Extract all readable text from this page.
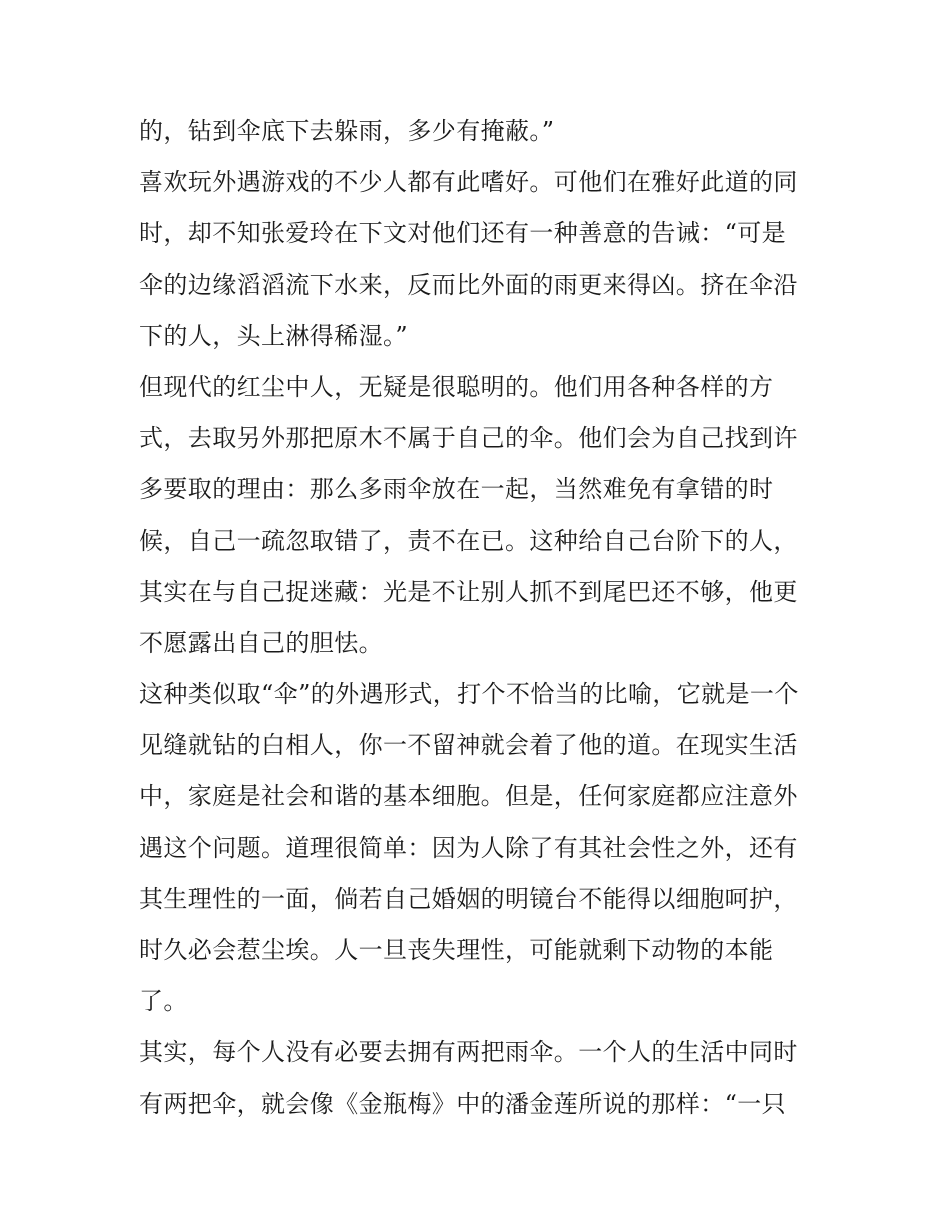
的，钻到伞底下去躲雨，多少有掩蔽。”
喜欢玩外遇游戏的不少人都有此嗜好。可他们在雅好此道的同
时，却不知张爱玲在下文对他们还有一种善意的告诫：“可是
伞的边缘滔滔流下水来，反而比外面的雨更来得凶。挤在伞沿
下的人，头上淋得稀湿。”
但现代的红尘中人，无疑是很聪明的。他们用各种各样的方
式，去取另外那把原木不属于自己的伞。他们会为自己找到许
多要取的理由：那么多雨伞放在一起，当然难免有拿错的时
候，自己一疏忽取错了，责不在已。这种给自己台阶下的人，
其实在与自己捉迷藏：光是不让别人抓不到尾巴还不够，他更
不愿露出自己的胆怯。
这种类似取“伞”的外遇形式，打个不恰当的比喻，它就是一个
见缝就钻的白相人，你一不留神就会着了他的道。在现实生活
中，家庭是社会和谐的基本细胞。但是，任何家庭都应注意外
遇这个问题。道理很简单：因为人除了有其社会性之外，还有
其生理性的一面，倘若自己婚姻的明镜台不能得以细胞呵护，
时久必会惹尘埃。人一旦丧失理性，可能就剩下动物的本能
了。
其实，每个人没有必要去拥有两把雨伞。一个人的生活中同时
有两把伞，就会像《金瓶梅》中的潘金莲所说的那样：“一只
